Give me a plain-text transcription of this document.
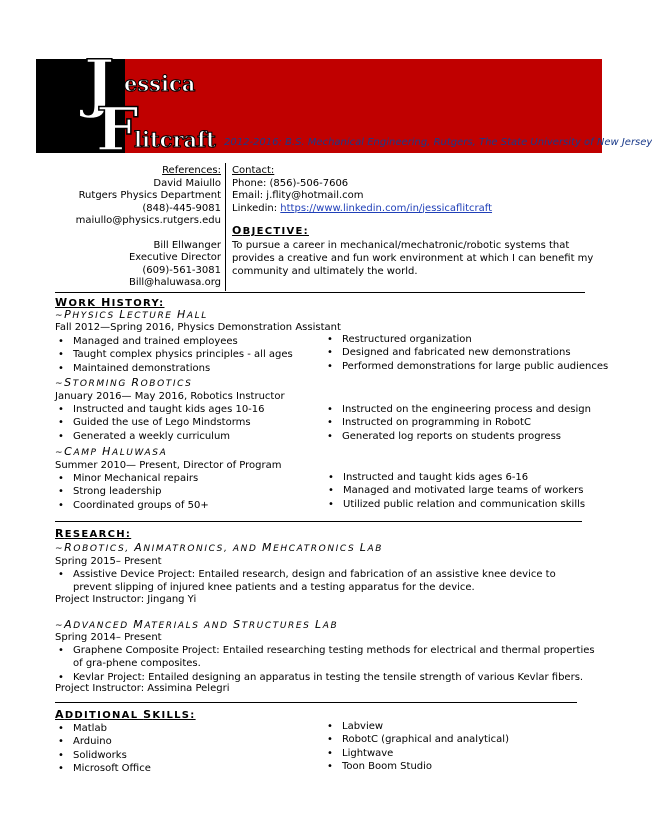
J essica
F
litcraft 2012-2016: B.S. Mechanical Engineering, Rutgers, The State University of New Jersey
References:
David Maiullo
Rutgers Physics Department
(848)-445-9081
maiullo@physics.rutgers.edu
Bill Ellwanger
Executive Director
(609)-561-3081
Bill@haluwasa.org
Contact:
Phone: (856)-506-7606
Email: j.flity@hotmail.com
Linkedin: https://www.linkedin.com/in/jessicaflitcraft
OBJECTIVE:

To pursue a career in mechanical/mechatronic/robotic systems that provides a creative and fun work environment at which I can benefit my community and ultimately the world.

WORK HISTORY:
~PHYSICS LECTURE HALL
Fall 2012—Spring 2016, Physics Demonstration Assistant
• Managed and trained employees
• Taught complex physics principles - all ages
• Maintained demonstrations
• Restructured organization
• Designed and fabricated new demonstrations
• Performed demonstrations for large public audiences
~STORMING ROBOTICS
January 2016— May 2016, Robotics Instructor
• Instructed and taught kids ages 10-16
• Guided the use of Lego Mindstorms
• Generated a weekly curriculum
• Instructed on the engineering process and design
• Instructed on programming in RobotC
• Generated log reports on students progress
~CAMP HALUWASA
Summer 2010— Present, Director of Program
• Minor Mechanical repairs
• Strong leadership
• Coordinated groups of 50+
• Instructed and taught kids ages 6-16
• Managed and motivated large teams of workers
• Utilized public relation and communication skills
RESEARCH:
~ROBOTICS, ANIMATRONICS, AND MEHCATRONICS LAB
Spring 2015– Present
• Assistive Device Project: Entailed research, design and fabrication of an assistive knee device to prevent slipping of injured knee patients and a testing apparatus for the device.
Project Instructor: Jingang Yi
~ADVANCED MATERIALS AND STRUCTURES LAB
Spring 2014– Present
• Graphene Composite Project: Entailed researching testing methods for electrical and thermal properties of gra-phene composites.
• Kevlar Project: Entailed designing an apparatus in testing the tensile strength of various Kevlar fibers.
Project Instructor: Assimina Pelegri
ADDITIONAL SKILLS:
• Matlab
• Arduino
• Solidworks
• Microsoft Office
• Labview
• RobotC (graphical and analytical)
• Lightwave
• Toon Boom Studio
